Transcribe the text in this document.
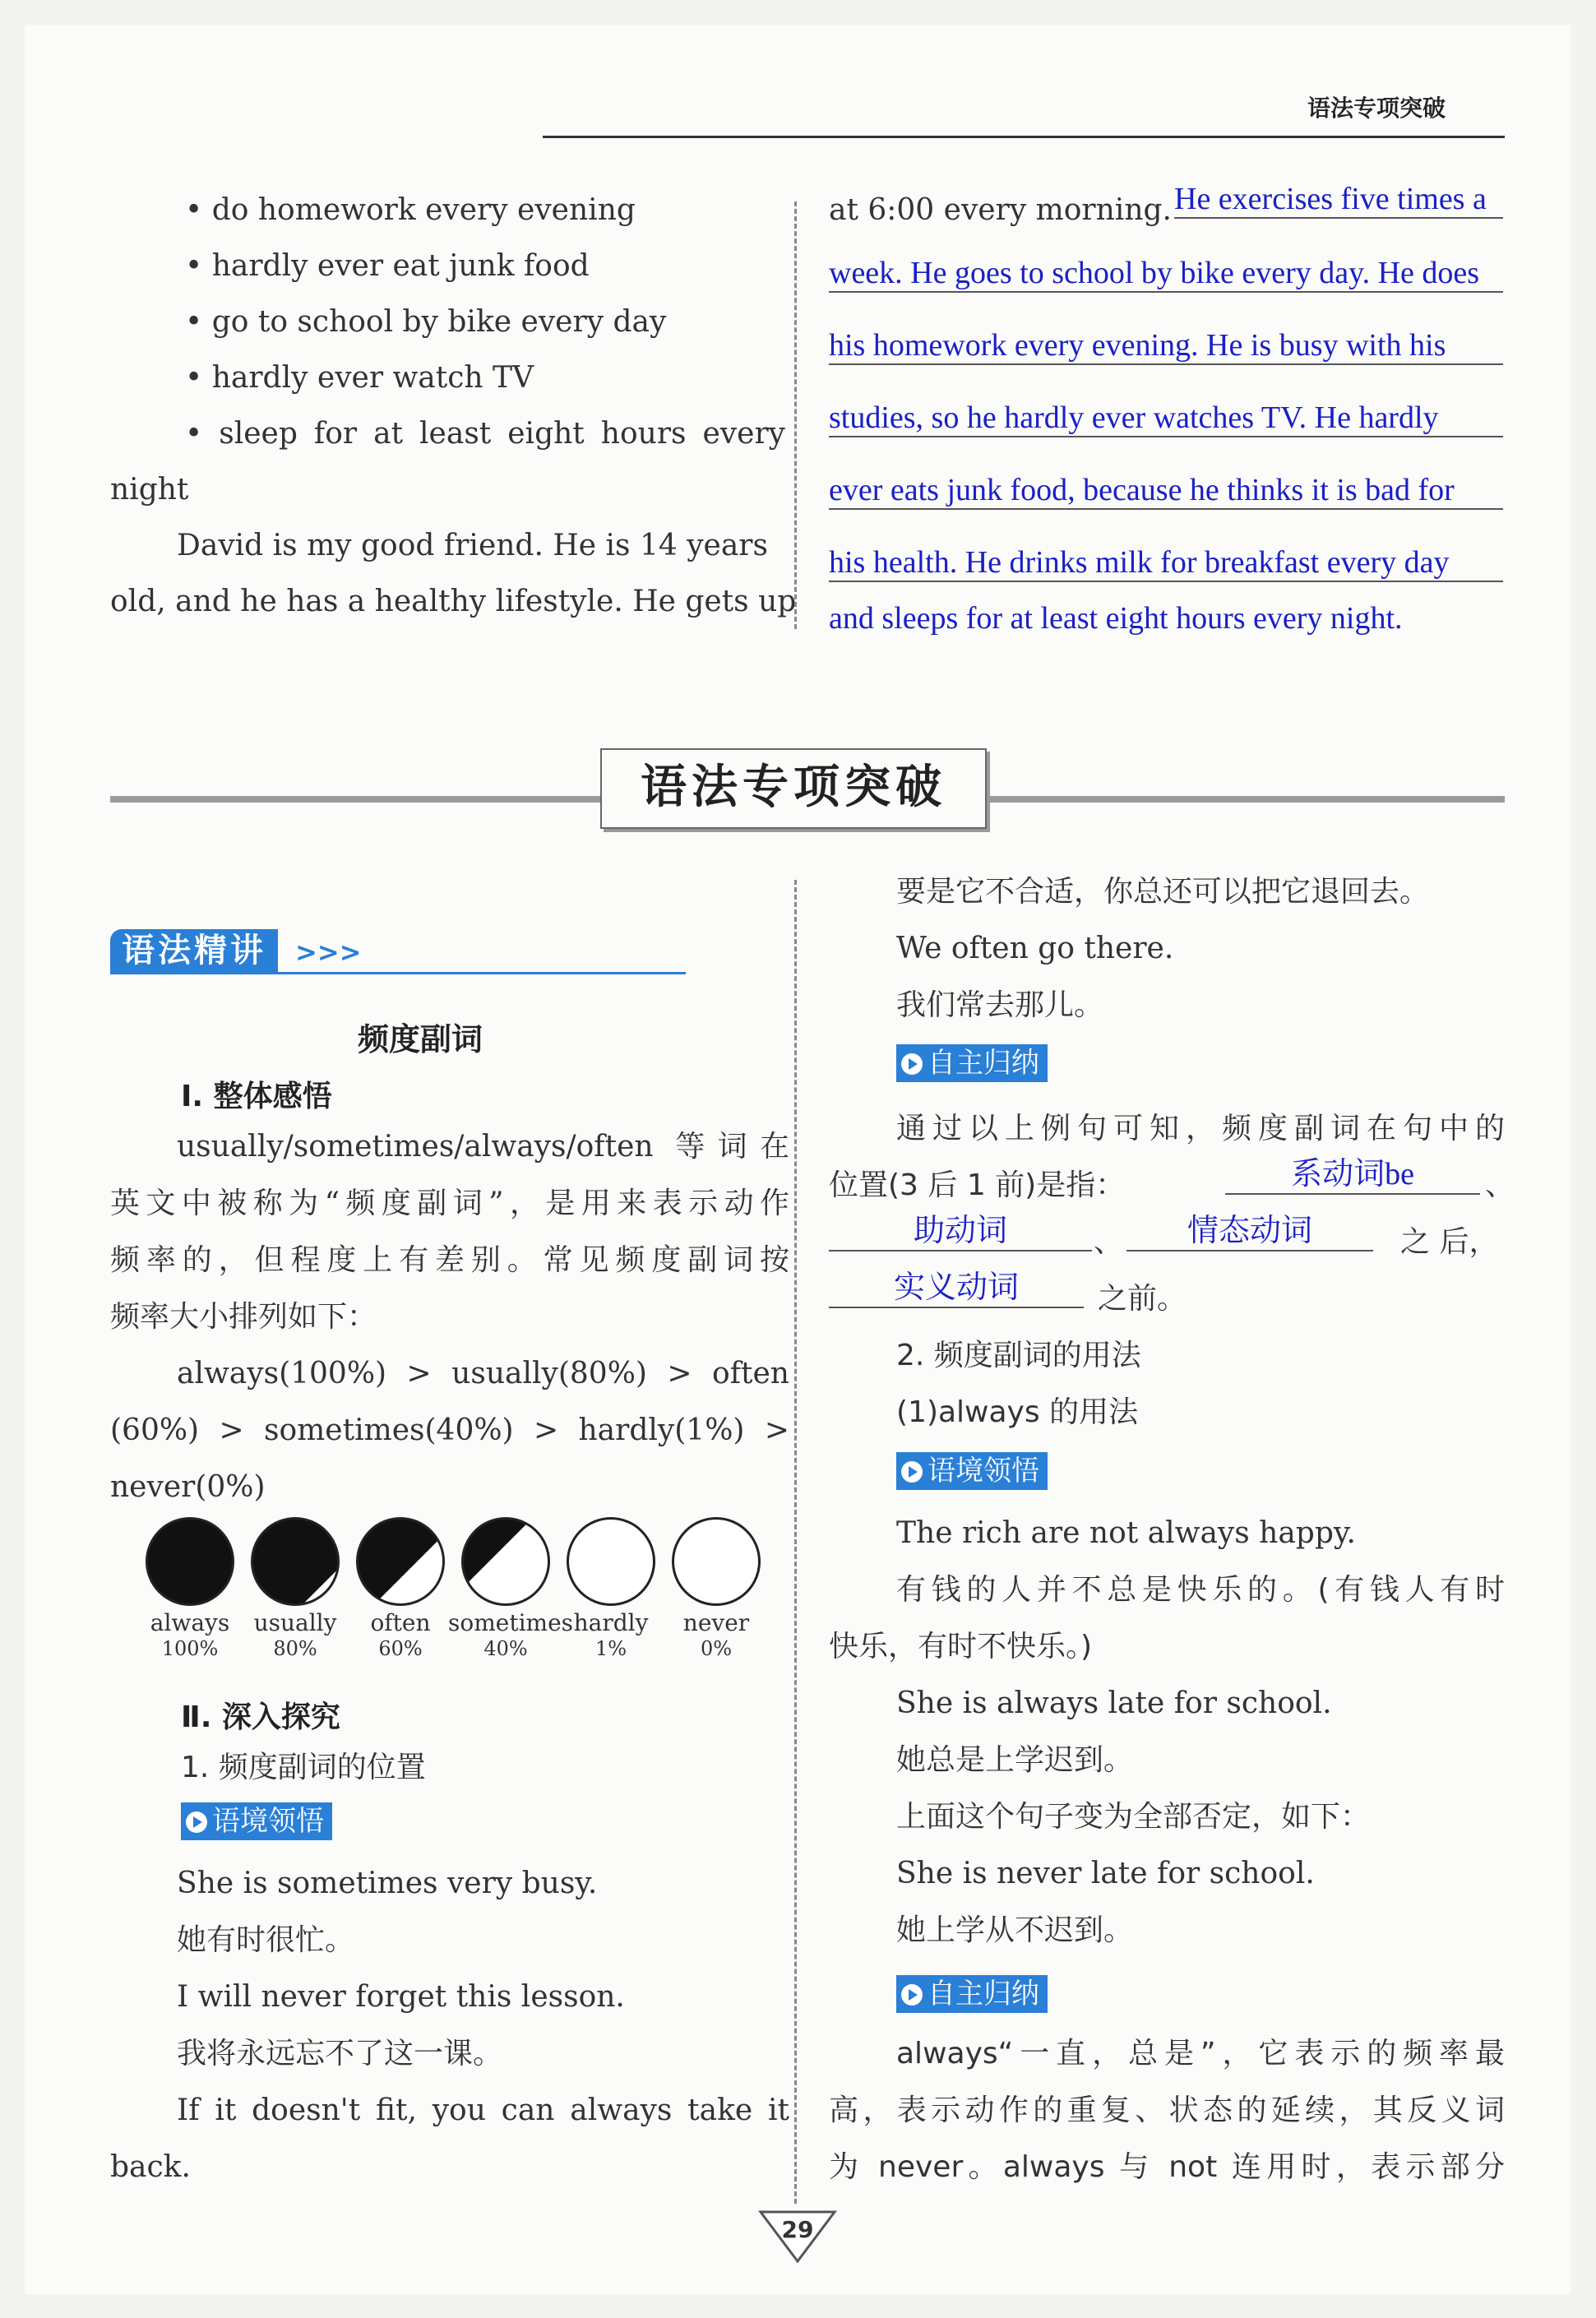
语法专项突破
• do homework every evening
• hardly ever eat junk food
• go to school by bike every day
• hardly ever watch TV
• sleep for at least eight hours every
night
David is my good friend. He is 14 years
old, and he has a healthy lifestyle. He gets up
at 6:00 every morning. He exercises five times a
week. He goes to school by bike every day. He does
his homework every evening. He is busy with his
studies, so he hardly ever watches TV. He hardly
ever eats junk food, because he thinks it is bad for
his health. He drinks milk for breakfast every day
and sleeps for at least eight hours every night.
语法专项突破
语法精讲 >>>
频度副词
Ⅰ. 整体感悟
usually/sometimes/always/often 等词在
英文中被称为“频度副词”，是用来表示动作
频率的，但程度上有差别。常见频度副词按
频率大小排列如下：
always(100%) > usually(80%) > often
(60%) > sometimes(40%) > hardly(1%) >
never(0%)
always	usually	often sometimes hardly	never
100%	80%	60%	40%	1%	0%
Ⅱ. 深入探究
1. 频度副词的位置
语境领悟
She is sometimes very busy.
她有时很忙。
I will never forget this lesson.
我将永远忘不了这一课。
If it doesn't fit, you can always take it
back.
要是它不合适，你总还可以把它退回去。
We often go there.
我们常去那儿。
自主归纳
通过以上例句可知，频度副词在句中的
位置(3 后 1 前)是指：	系动词be	、
助动词	、	情态动词	之 后，
实义动词	之前。
2. 频度副词的用法
(1)always 的用法
语境领悟
The rich are not always happy.
有钱的人并不总是快乐的。(有钱人有时
快乐，有时不快乐。)
She is always late for school.
她总是上学迟到。
上面这个句子变为全部否定，如下：
She is never late for school.
她上学从不迟到。
自主归纳
always“一直，总是”，它表示的频率最
高，表示动作的重复、状态的延续，其反义词
为 never。always 与 not 连用时，表示部分
29
